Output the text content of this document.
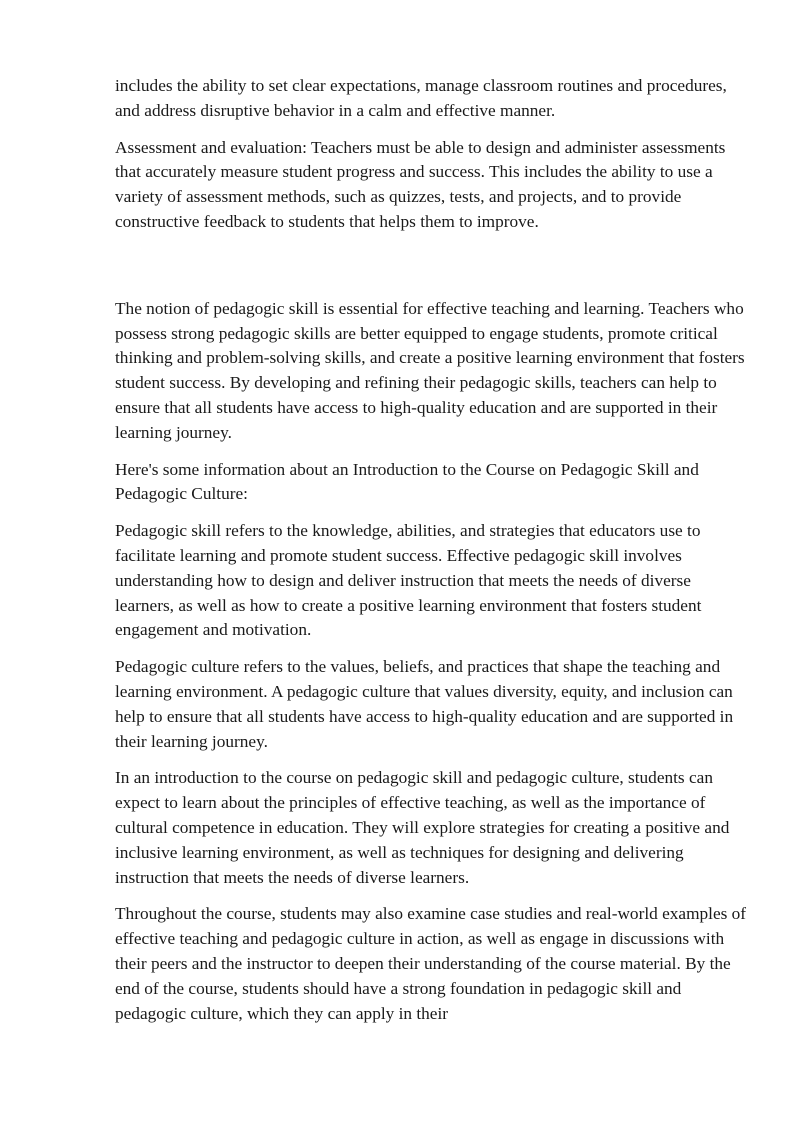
includes the ability to set clear expectations, manage classroom routines and procedures, and address disruptive behavior in a calm and effective manner.

Assessment and evaluation: Teachers must be able to design and administer assessments that accurately measure student progress and success. This includes the ability to use a variety of assessment methods, such as quizzes, tests, and projects, and to provide constructive feedback to students that helps them to improve.

The notion of pedagogic skill is essential for effective teaching and learning. Teachers who possess strong pedagogic skills are better equipped to engage students, promote critical thinking and problem-solving skills, and create a positive learning environment that fosters student success. By developing and refining their pedagogic skills, teachers can help to ensure that all students have access to high-quality education and are supported in their learning journey.

Here's some information about an Introduction to the Course on Pedagogic Skill and Pedagogic Culture:

Pedagogic skill refers to the knowledge, abilities, and strategies that educators use to facilitate learning and promote student success. Effective pedagogic skill involves understanding how to design and deliver instruction that meets the needs of diverse learners, as well as how to create a positive learning environment that fosters student engagement and motivation.

Pedagogic culture refers to the values, beliefs, and practices that shape the teaching and learning environment. A pedagogic culture that values diversity, equity, and inclusion can help to ensure that all students have access to high-quality education and are supported in their learning journey.

In an introduction to the course on pedagogic skill and pedagogic culture, students can expect to learn about the principles of effective teaching, as well as the importance of cultural competence in education. They will explore strategies for creating a positive and inclusive learning environment, as well as techniques for designing and delivering instruction that meets the needs of diverse learners.

Throughout the course, students may also examine case studies and real-world examples of effective teaching and pedagogic culture in action, as well as engage in discussions with their peers and the instructor to deepen their understanding of the course material. By the end of the course, students should have a strong foundation in pedagogic skill and pedagogic culture, which they can apply in their
